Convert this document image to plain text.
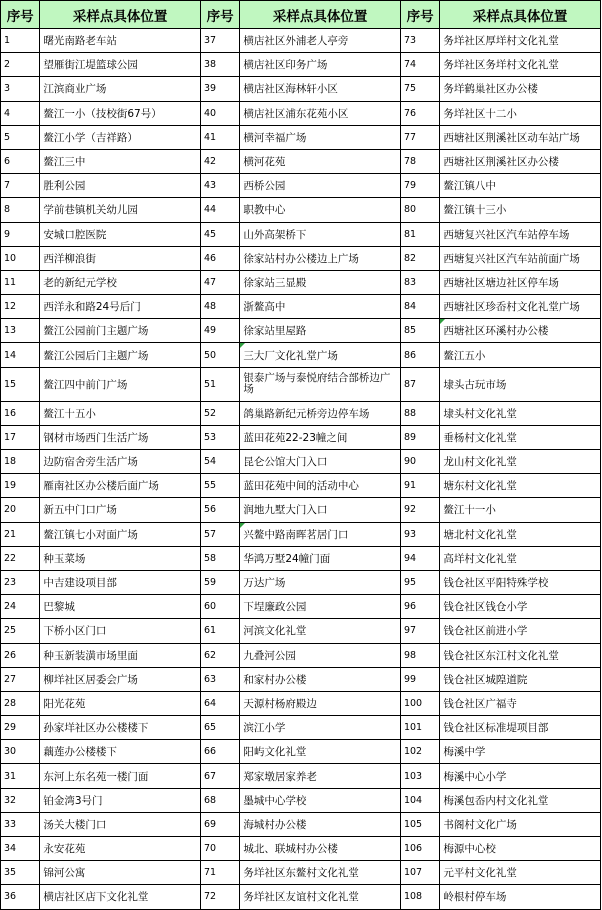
序号	采样点具体位置	序号	采样点具体位置	序号	采样点具体位置
1	曙光南路老车站	37	横店社区外浦老人亭旁	73	务垟社区厚垟村文化礼堂
2	望雁街江堤篮球公园	38	横店社区印务广场	74	务垟社区务垟村文化礼堂
3	江滨商业广场	39	横店社区海林轩小区	75	务垟鹤巢社区办公楼
4	鳌江一小（技校街67号）	40	横店社区浦东花苑小区	76	务垟社区十二小
5	鳌江小学（吉祥路）	41	横河幸福广场	77	西塘社区荆溪社区动车站广场
6	鳌江三中	42	横河花苑	78	西塘社区荆溪社区办公楼
7	胜利公园	43	西桥公园	79	鳌江镇八中
8	学前巷镇机关幼儿园	44	职教中心	80	鳌江镇十三小
9	安城口腔医院	45	山外高架桥下	81	西塘复兴社区汽车站停车场
10	西洋柳浪街	46	徐家站村办公楼边上广场	82	西塘复兴社区汽车站前面广场
11	老的新纪元学校	47	徐家站三显殿	83	西塘社区塘边社区停车场
12	西洋永和路24号后门	48	浙鳌高中	84	西塘社区珍岙村文化礼堂广场
13	鳌江公园前门主题广场	49	徐家站里屋路	85	西塘社区环溪村办公楼
14	鳌江公园后门主题广场	50	三大厂文化礼堂广场	86	鳌江五小
15	鳌江四中前门广场	51	银泰广场与泰悦府结合部桥边广场	87	埭头古玩市场
16	鳌江十五小	52	鸽巢路新纪元桥旁边停车场	88	埭头村文化礼堂
17	钢材市场西门生活广场	53	蓝田花苑22-23幢之间	89	垂杨村文化礼堂
18	边防宿舍旁生活广场	54	昆仑公馆大门入口	90	龙山村文化礼堂
19	雁南社区办公楼后面广场	55	蓝田花苑中间的活动中心	91	塘东村文化礼堂
20	新五中门口广场	56	润地九墅大门入口	92	鳌江十一小
21	鳌江镇七小对面广场	57	兴鳌中路南晖茗居门口	93	塘北村文化礼堂
22	种玉菜场	58	华鸿万墅24幢门面	94	高垟村文化礼堂
23	中吉建设项目部	59	万达广场	95	钱仓社区平阳特殊学校
24	巴黎城	60	下埕廉政公园	96	钱仓社区钱仓小学
25	下桥小区门口	61	河滨文化礼堂	97	钱仓社区前进小学
26	种玉新装潢市场里面	62	九叠河公园	98	钱仓社区东江村文化礼堂
27	柳垟社区居委会广场	63	和家村办公楼	99	钱仓社区城隍道院
28	阳光花苑	64	天源村杨府殿边	100	钱仓社区广福寺
29	孙家垟社区办公楼楼下	65	滨江小学	101	钱仓社区标准堤项目部
30	藕莲办公楼楼下	66	阳屿文化礼堂	102	梅溪中学
31	东河上东名苑一楼门面	67	郑家墩居家养老	103	梅溪中心小学
32	铂金湾3号门	68	墨城中心学校	104	梅溪包岙内村文化礼堂
33	汤关大楼门口	69	海城村办公楼	105	书阁村文化广场
34	永安花苑	70	城北、联城村办公楼	106	梅源中心校
35	锦河公寓	71	务垟社区东鳌村文化礼堂	107	元平村文化礼堂
36	横店社区店下文化礼堂	72	务垟社区友谊村文化礼堂	108	岭根村停车场
